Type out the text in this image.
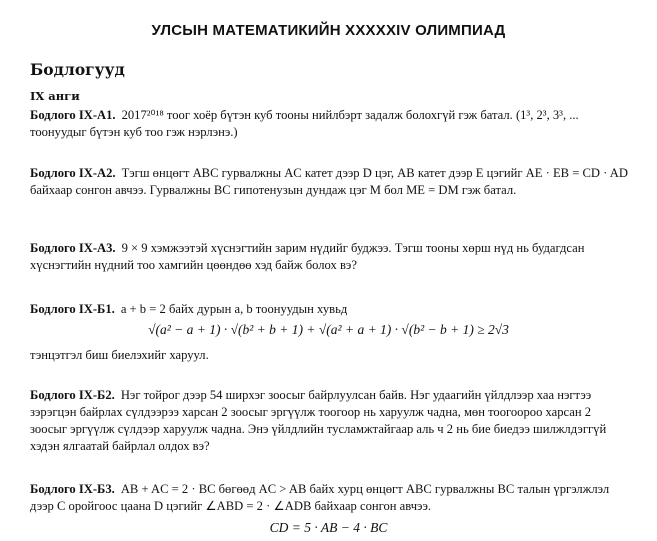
УЛСЫН МАТЕМАТИКИЙН XXXXXIV ОЛИМПИАД
Бодлогууд
IX анги
Бодлого IX-A1. 2017²⁰¹⁸ тоог хоёр бүтэн куб тооны нийлбэрт задалж болохгүй гэж батал. (1³, 2³, 3³, ... тоонуудыг бүтэн куб тоо гэж нэрлэнэ.)
Бодлого IX-A2. Тэгш өнцөгт ABC гурвалжны AC катет дээр D цэг, AB катет дээр E цэгийг AE · EB = CD · AD байхаар сонгон авчээ. Гурвалжны BC гипотенузын дундаж цэг M бол ME = DM гэж батал.
Бодлого IX-A3. 9 × 9 хэмжээтэй хүснэгтийн зарим нүдийг буджээ. Тэгш тооны хөрш нүд нь будагдсан хүснэгтийн нүдний тоо хамгийн цөөндөө хэд байж болох вэ?
Бодлого IX-Б1. a + b = 2 байх дурын a, b тоонуудын хувьд
√(a² − a + 1) · √(b² + b + 1) + √(a² + a + 1) · √(b² − b + 1) ≥ 2√3
тэнцэтгэл биш биелэхийг харуул.
Бодлого IX-Б2. Нэг тойрог дээр 54 ширхэг зоосыг байрлуулсан байв. Нэг удаагийн үйлдлээр хаа нэгтээ зэрэгцэн байрлах сүлдээрээ харсан 2 зоосыг эргүүлж тоогоор нь харуулж чадна, мөн тоогоороо харсан 2 зоосыг эргүүлж сүлдээр харуулж чадна. Энэ үйлдлийн тусламжтайгаар аль ч 2 нь бие биедээ шилжлдэггүй хэдэн ялгаатай байрлал олдох вэ?
Бодлого IX-Б3. AB + AC = 2 · BC бөгөөд AC > AB байх хурц өнцөгт ABC гурвалжны BC талын үргэлжлэл дээр C оройгоос цаана D цэгийг ∠ABD = 2 · ∠ADB байхаар сонгон авчээ.
CD = 5 · AB − 4 · BC
